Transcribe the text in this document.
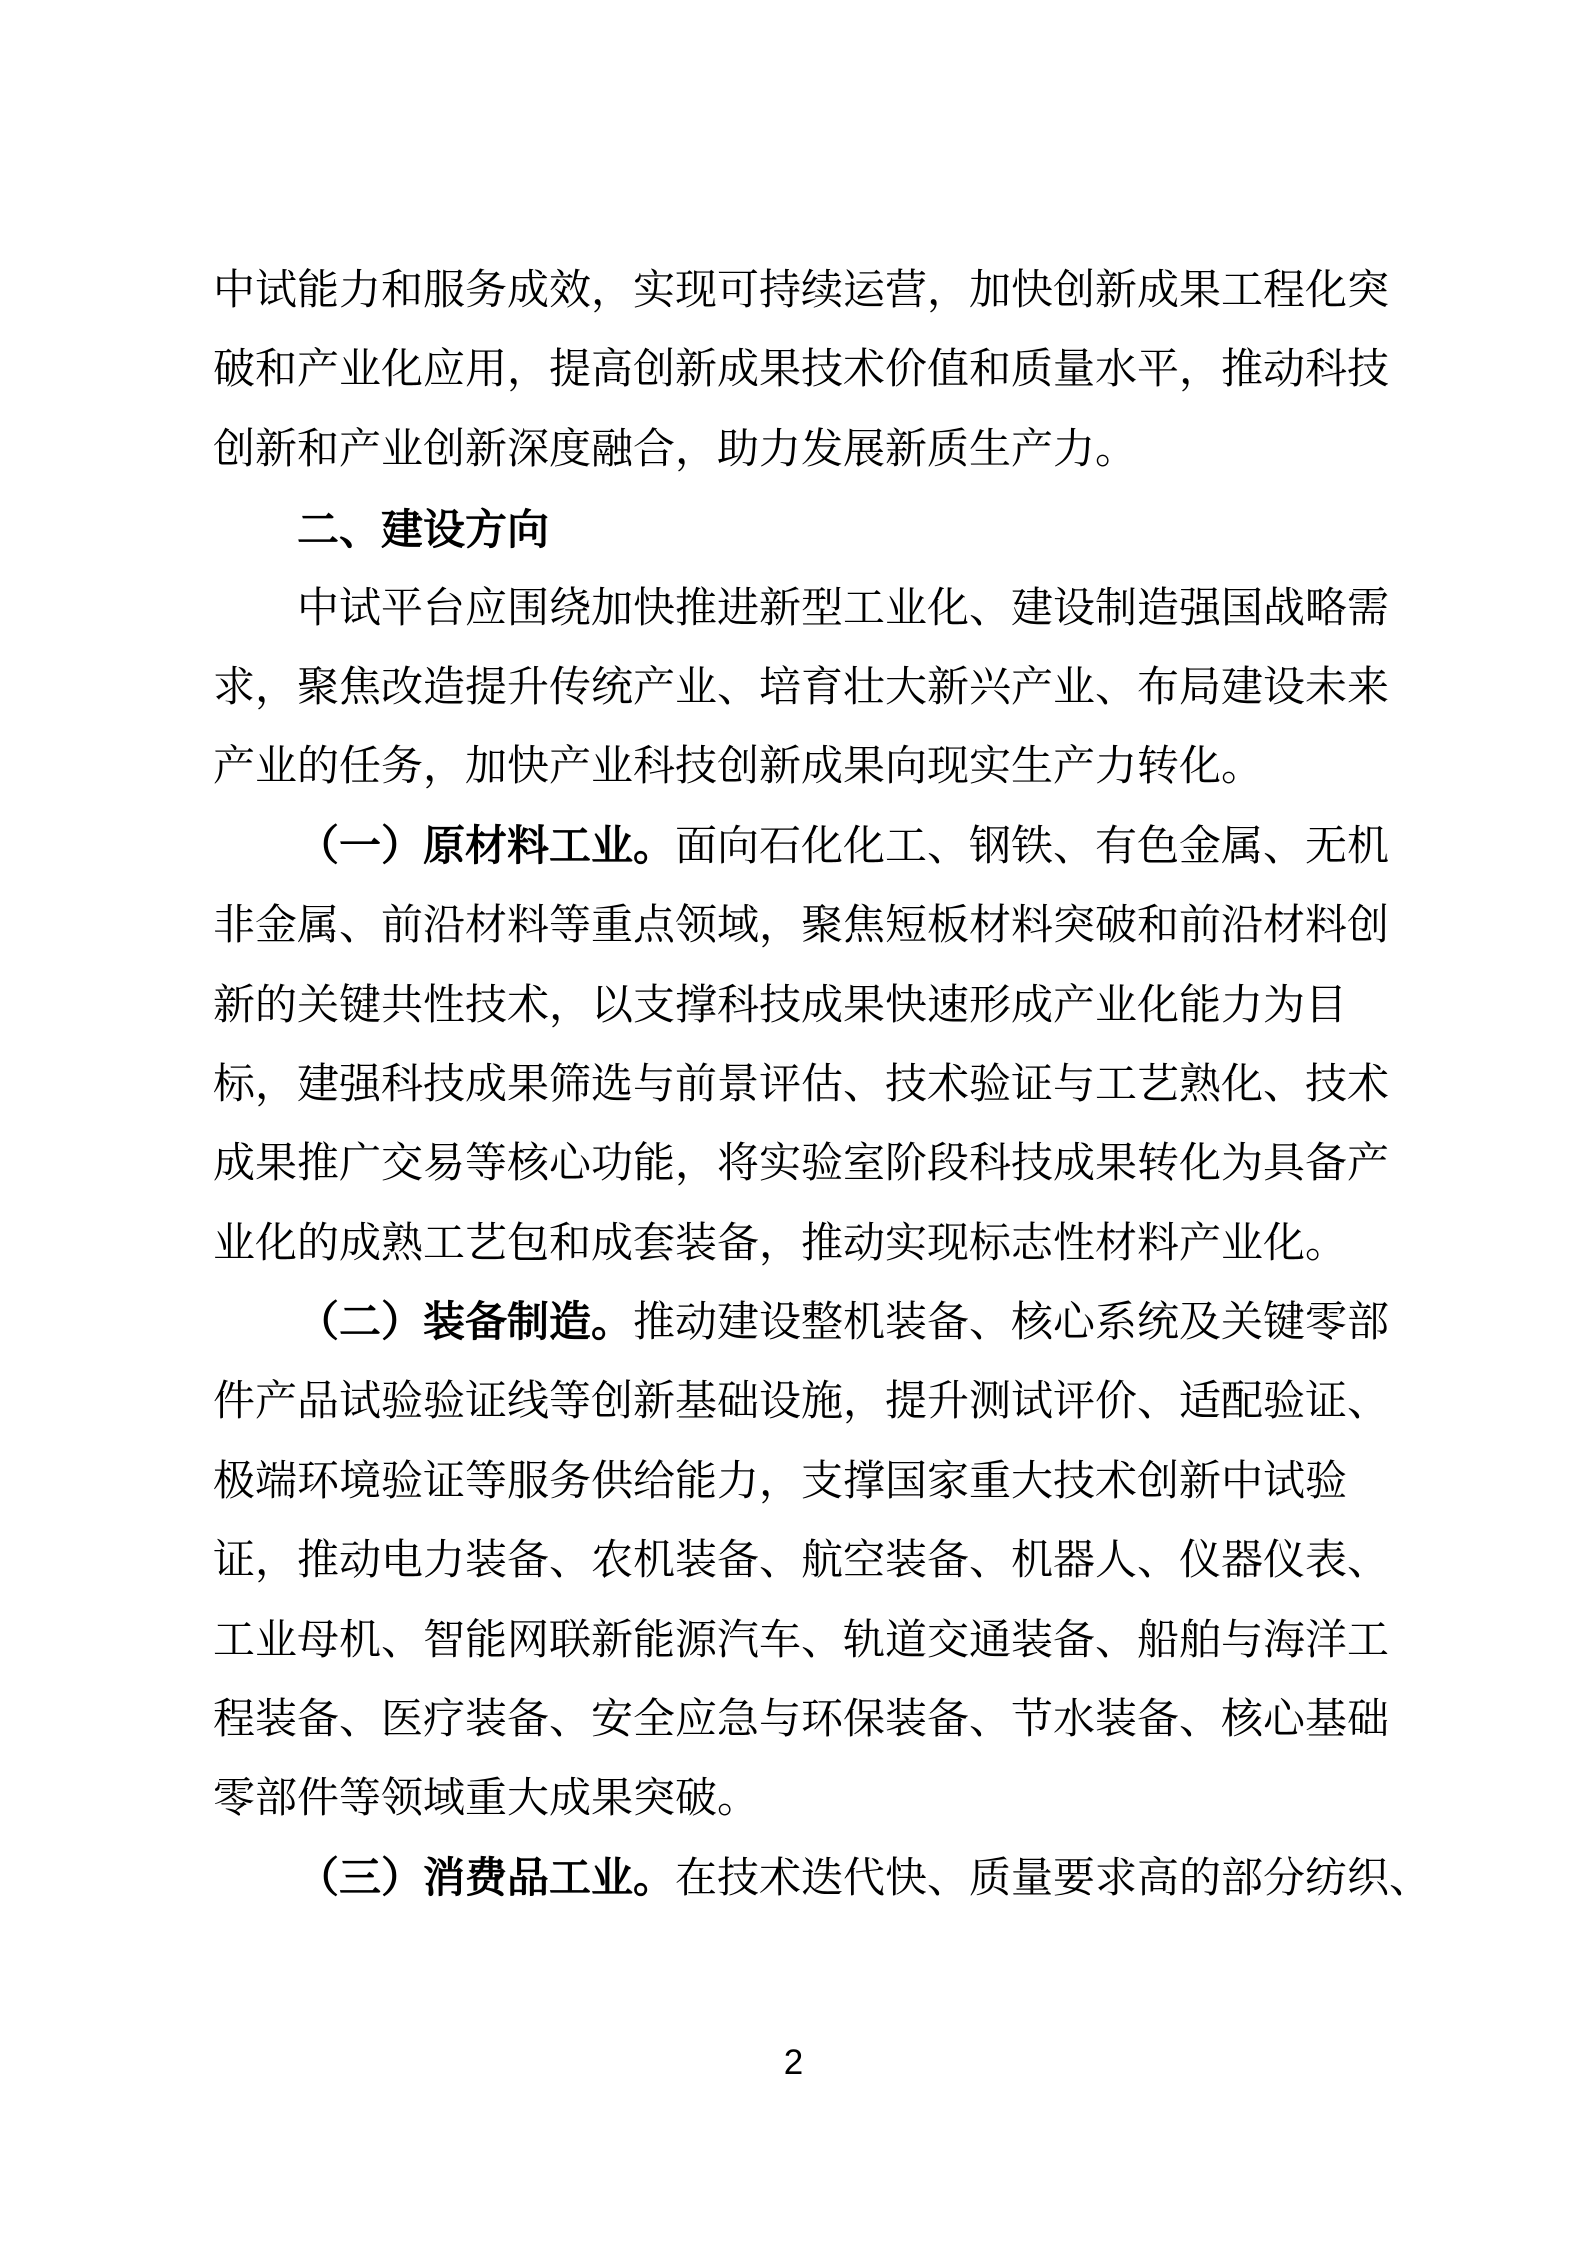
中试能力和服务成效，实现可持续运营，加快创新成果工程化突
破和产业化应用，提高创新成果技术价值和质量水平，推动科技
创新和产业创新深度融合，助力发展新质生产力。
二、建设方向
中试平台应围绕加快推进新型工业化、建设制造强国战略需
求，聚焦改造提升传统产业、培育壮大新兴产业、布局建设未来
产业的任务，加快产业科技创新成果向现实生产力转化。
（一）原材料工业。面向石化化工、钢铁、有色金属、无机
非金属、前沿材料等重点领域，聚焦短板材料突破和前沿材料创
新的关键共性技术，以支撑科技成果快速形成产业化能力为目
标，建强科技成果筛选与前景评估、技术验证与工艺熟化、技术
成果推广交易等核心功能，将实验室阶段科技成果转化为具备产
业化的成熟工艺包和成套装备，推动实现标志性材料产业化。
（二）装备制造。推动建设整机装备、核心系统及关键零部
件产品试验验证线等创新基础设施，提升测试评价、适配验证、
极端环境验证等服务供给能力，支撑国家重大技术创新中试验
证，推动电力装备、农机装备、航空装备、机器人、仪器仪表、
工业母机、智能网联新能源汽车、轨道交通装备、船舶与海洋工
程装备、医疗装备、安全应急与环保装备、节水装备、核心基础
零部件等领域重大成果突破。
（三）消费品工业。在技术迭代快、质量要求高的部分纺织、
2
